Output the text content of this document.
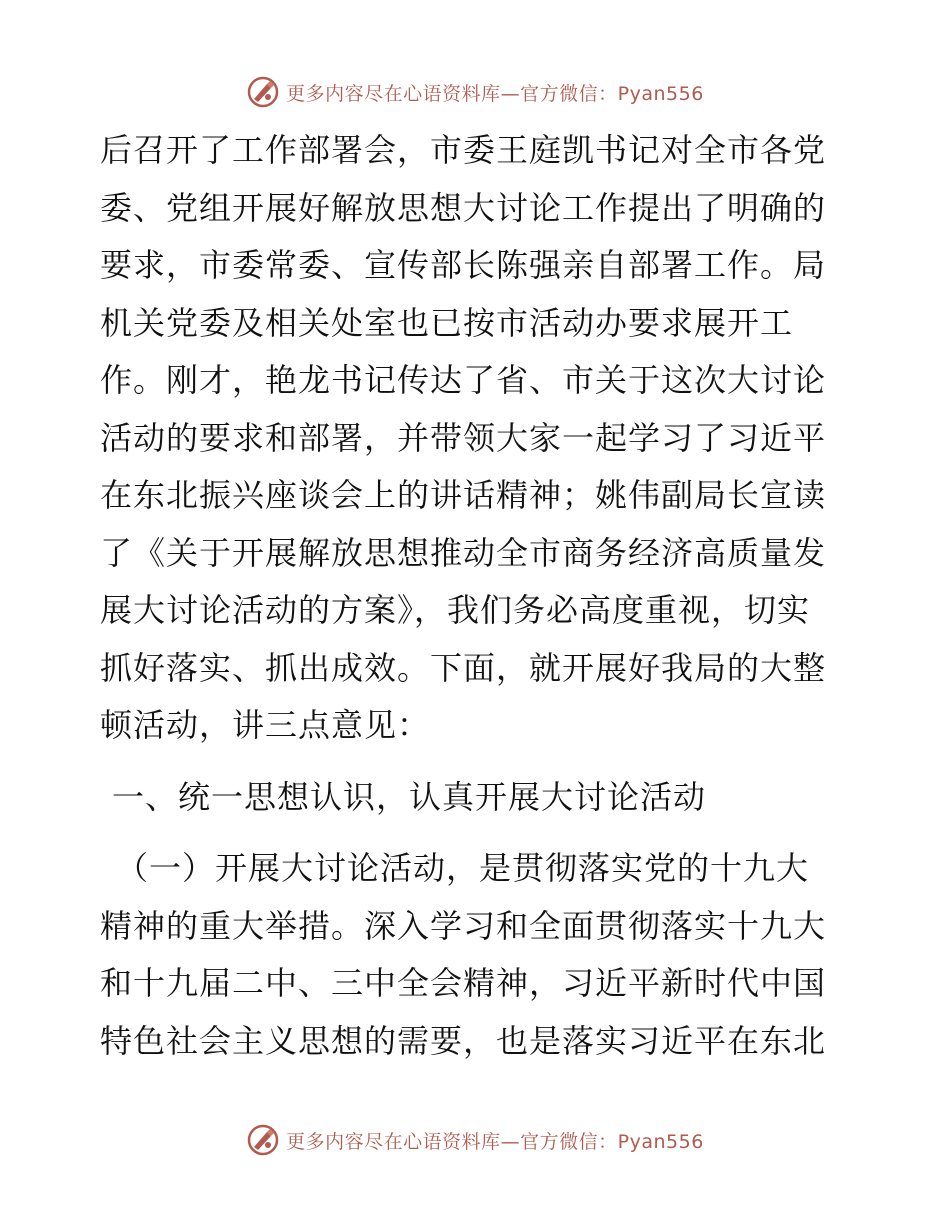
更多内容尽在心语资料库—官方微信：Pyan556
后召开了工作部署会，市委王庭凯书记对全市各党
委、党组开展好解放思想大讨论工作提出了明确的
要求，市委常委、宣传部长陈强亲自部署工作。局
机关党委及相关处室也已按市活动办要求展开工
作。刚才，艳龙书记传达了省、市关于这次大讨论
活动的要求和部署，并带领大家一起学习了习近平
在东北振兴座谈会上的讲话精神；姚伟副局长宣读
了《关于开展解放思想推动全市商务经济高质量发
展大讨论活动的方案》，我们务必高度重视，切实
抓好落实、抓出成效。下面，就开展好我局的大整
顿活动，讲三点意见：
一、统一思想认识，认真开展大讨论活动
（一）开展大讨论活动，是贯彻落实党的十九大
精神的重大举措。深入学习和全面贯彻落实十九大
和十九届二中、三中全会精神，习近平新时代中国
特色社会主义思想的需要，也是落实习近平在东北
更多内容尽在心语资料库—官方微信：Pyan556
